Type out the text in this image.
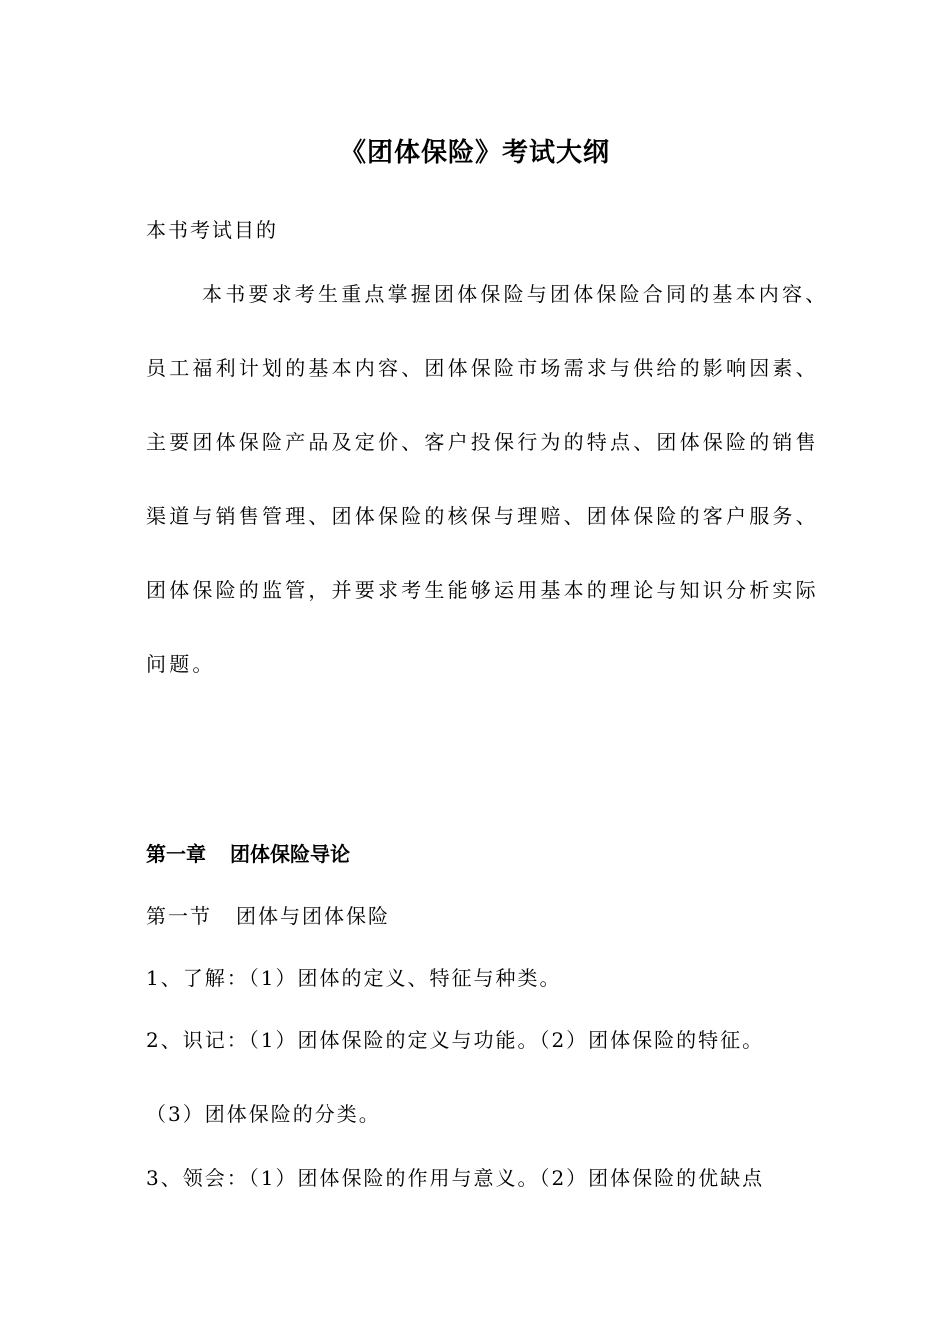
《团体保险》考试大纲
本书考试目的
本书要求考生重点掌握团体保险与团体保险合同的基本内容、
员工福利计划的基本内容、团体保险市场需求与供给的影响因素、
主要团体保险产品及定价、客户投保行为的特点、团体保险的销售
渠道与销售管理、团体保险的核保与理赔、团体保险的客户服务、
团体保险的监管，并要求考生能够运用基本的理论与知识分析实际
问题。
第一章 团体保险导论
第一节 团体与团体保险
1、了解：（1）团体的定义、特征与种类。
2、识记：（1）团体保险的定义与功能。（2）团体保险的特征。
（3）团体保险的分类。
3、领会：（1）团体保险的作用与意义。（2）团体保险的优缺点
